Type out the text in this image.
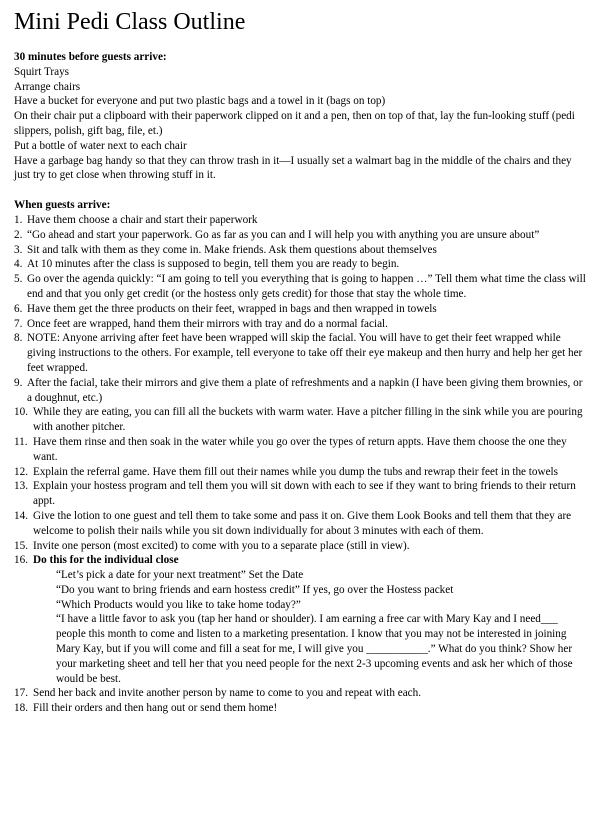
Mini Pedi Class Outline
30 minutes before guests arrive:
Squirt Trays
Arrange chairs
Have a bucket for everyone and put two plastic bags and a towel in it (bags on top)
On their chair put a clipboard with their paperwork clipped on it and a pen, then on top of that, lay the fun-looking stuff (pedi slippers, polish, gift bag, file, et.)
Put a bottle of water next to each chair
Have a garbage bag handy so that they can throw trash in it—I usually set a walmart bag in the middle of the chairs and they just try to get close when throwing stuff in it.
When guests arrive:
1. Have them choose a chair and start their paperwork
2. “Go ahead and start your paperwork. Go as far as you can and I will help you with anything you are unsure about”
3. Sit and talk with them as they come in. Make friends. Ask them questions about themselves
4. At 10 minutes after the class is supposed to begin, tell them you are ready to begin.
5. Go over the agenda quickly: “I am going to tell you everything that is going to happen …” Tell them what time the class will end and that you only get credit (or the hostess only gets credit) for those that stay the whole time.
6. Have them get the three products on their feet, wrapped in bags and then wrapped in towels
7. Once feet are wrapped, hand them their mirrors with tray and do a normal facial.
8. NOTE: Anyone arriving after feet have been wrapped will skip the facial. You will have to get their feet wrapped while giving instructions to the others. For example, tell everyone to take off their eye makeup and then hurry and help her get her feet wrapped.
9. After the facial, take their mirrors and give them a plate of refreshments and a napkin (I have been giving them brownies, or a doughnut, etc.)
10. While they are eating, you can fill all the buckets with warm water. Have a pitcher filling in the sink while you are pouring with another pitcher.
11. Have them rinse and then soak in the water while you go over the types of return appts. Have them choose the one they want.
12. Explain the referral game. Have them fill out their names while you dump the tubs and rewrap their feet in the towels
13. Explain your hostess program and tell them you will sit down with each to see if they want to bring friends to their return appt.
14. Give the lotion to one guest and tell them to take some and pass it on. Give them Look Books and tell them that they are welcome to polish their nails while you sit down individually for about 3 minutes with each of them.
15. Invite one person (most excited) to come with you to a separate place (still in view).
16. Do this for the individual close
“Let’s pick a date for your next treatment” Set the Date
“Do you want to bring friends and earn hostess credit” If yes, go over the Hostess packet
“Which Products would you like to take home today?”
“I have a little favor to ask you (tap her hand or shoulder). I am earning a free car with Mary Kay and I need___ people this month to come and listen to a marketing presentation. I know that you may not be interested in joining Mary Kay, but if you will come and fill a seat for me, I will give you ___________.” What do you think? Show her your marketing sheet and tell her that you need people for the next 2-3 upcoming events and ask her which of those would be best.
17. Send her back and invite another person by name to come to you and repeat with each.
18. Fill their orders and then hang out or send them home!
